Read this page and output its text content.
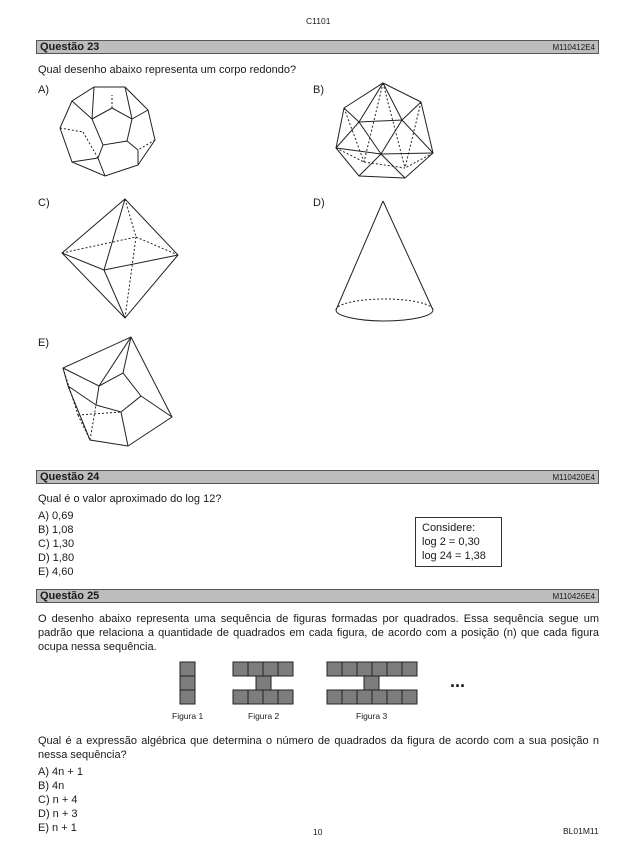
C1101
Questão 23	M110412E4
Qual desenho abaixo representa um corpo redondo?
A)	B)
C)	D)
E)
Questão 24	M110420E4
Qual é o valor aproximado do log 12?
A) 0,69
B) 1,08
C) 1,30
D) 1,80
E) 4,60
Considere:
log 2 = 0,30
log 24 = 1,38
Questão 25	M110426E4
O desenho abaixo representa uma sequência de figuras formadas por quadrados. Essa sequência segue um padrão que relaciona a quantidade de quadrados em cada figura, de acordo com a posição (n) que cada figura ocupa nessa sequência.
...
Figura 1	Figura 2	Figura 3
Qual é a expressão algébrica que determina o número de quadrados da figura de acordo com a sua posição n nessa sequência?
A) 4n + 1
B) 4n
C) n + 4
D) n + 3
E) n + 1	10	BL01M11
